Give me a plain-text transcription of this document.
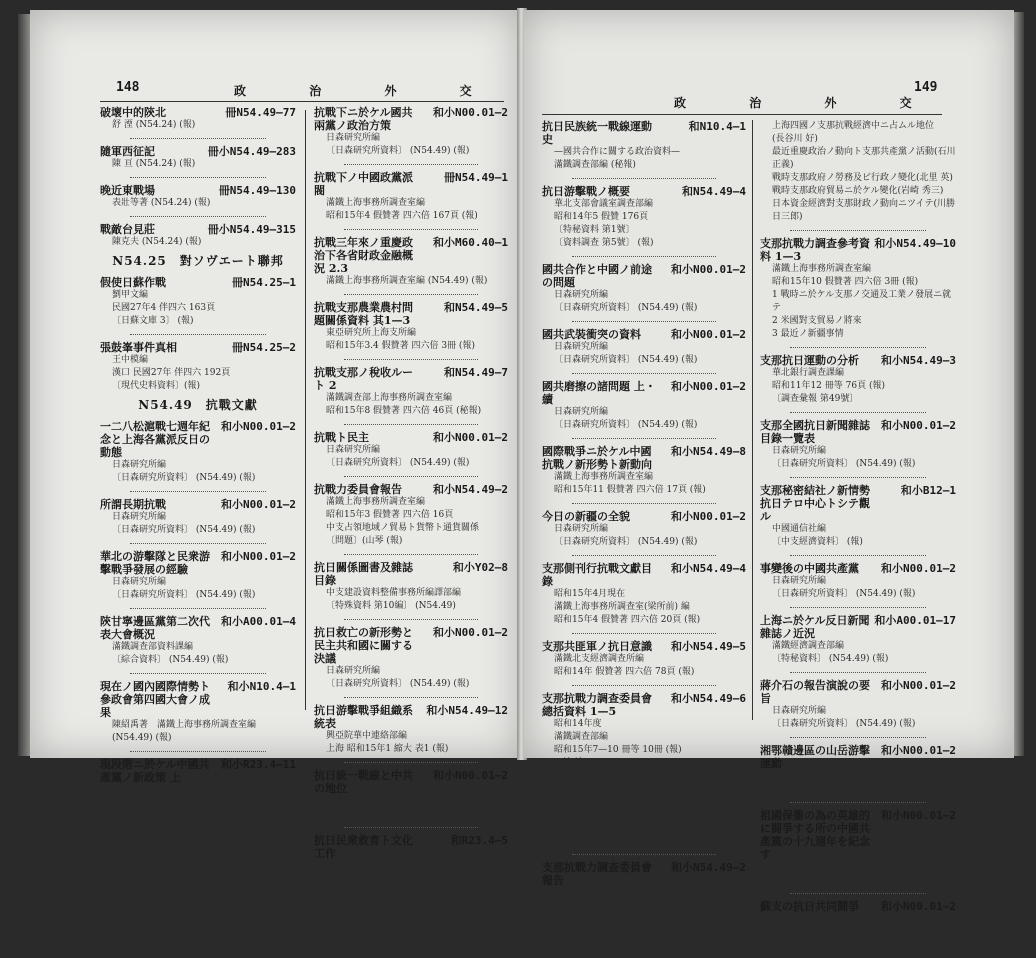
148	政 治 外 交
破壞中的陝北	冊N54.49—77
舒 湮 (N54.24) (報)
隨軍西征記	冊小N54.49—283
陳 亘 (N54.24) (報)
晚近東戰場	冊N54.49—130
表壯等著 (N54.24) (報)
戰敵台見莊	冊小N54.49—315
陳克夫 (N54.24) (報)
N54.25　對ソヴエート聯邦
假使日蘇作戰	冊N54.25—1
劉甲文編
民國27年4 伴四六 163頁
〔日蘇文庫 3〕 (報)
張鼓峯事件真相	冊N54.25—2
王中模編
漢口 民國27年 伴四六 192頁
〔現代史料資料〕(報)
N54.49　抗戰文獻
一二八松滬戰七週年紀念と上海各黨派反日の動態
和小N00.01—2
日森研究所編
〔日森研究所資料〕 (N54.49) (報)
所謂長期抗戰	和小N00.01—2
日森研究所編
〔日森研究所資料〕 (N54.49) (報)
華北の游擊隊と民衆游擊戰爭發展の經驗
和小N00.01—2
日森研究所編
〔日森研究所資料〕 (N54.49) (報)
陝甘寧邊區黨第二次代表大會概況
和小A00.01—4
滿鐵調查部資料課編
〔綜合資料〕 (N54.49) (報)
現在ノ國內國際情勢ト參政會第四國大會ノ成果
和小N10.4—1
陳紹禹著　滿鐵上海事務所調查室編
(N54.49) (報)
現段階ニ於ケル中國共產黨ノ新政策 上
和小R23.4—11
〔福名 抗日救國政策〕
東亞經濟調查局上海支局〔陳紹禹 王明〕編
(N54.49) (報)
抗戰下ニ於ケル國共兩黨ノ政治方策
和小N00.01—2
日森研究所編
〔日森研究所資料〕 (N54.49) (報)
抗戰下ノ中國政黨派閥
冊N54.49—1
滿鐵上海事務所調查室編
昭和15年4 假贊著 四六倍 167頁 (報)
抗戰三年來ノ重慶政治下各省財政金融概況 2.3
和小M60.40—1
滿鐵上海事務所調查室編 (N54.49) (報)
抗戰支那農業農村問題關係資料 其1—3
和N54.49—5
東亞研究所上海支所編
昭和15年3.4 假贊著 四六倍 3冊 (報)
抗戰支那ノ稅收ルート 2
和N54.49—7
滿鐵調查部上海事務所調查室編
昭和15年8 假贊著 四六倍 46頁 (秘報)
抗戰ト民主	和小N00.01—2
日森研究所編
〔日森研究所資料〕 (N54.49) (報)
抗戰力委員會報告	和小N54.49—2
滿鐵上海事務所調查室編
昭和15年3 假贊著 四六倍 16頁
中支占領地域ノ貿易ト貨幣ト通貨關係
〔問題〕(山琴 (報)
抗日關係圖書及雜誌目錄
和小Y02—8
中支建設資料整備事務所編譯部編
〔特殊資料 第10編〕 (N54.49)
抗日救亡の新形勢と民主共和國に關する決議
和小N00.01—2
日森研究所編
〔日森研究所資料〕 (N54.49) (報)
抗日游擊戰爭組織系統表
和小N54.49—12
興亞院華中連絡部編
上海 昭和15年1 縮大 表1 (報)
抗日統一戰線と中共の地位
和小N00.01—2
日森研究所編
〔日森研究所資料〕 (N54.49) (報)
抗日民衆救育ト文化工作
和R23.4—5
滿鐵上海事務所調查室編
〔山西省中部淪陷地方共產地區狀況
調查報告 第3輯〕
(N54.49) (報)
政 治 外 交
149
抗日民族統一戰線運動史
和N10.4—1
—國共合作に關する政治資料—
滿鐵調查部編 (秘報)
抗日游擊戰ノ概要	和N54.49—4
華北支部會議室調查部編
昭和14年5 假贊 176頁
〔特秘資料 第1號〕
〔資料調查 第5號〕 (報)
國共合作と中國ノ前途の問題
和小N00.01—2
日森研究所編
〔日森研究所資料〕 (N54.49) (報)
國共武裝衝突の資料	和小N00.01—2
日森研究所編
〔日森研究所資料〕 (N54.49) (報)
國共磨擦の諸問題 上・續
和小N00.01—2
日森研究所編
〔日森研究所資料〕 (N54.49) (報)
國際戰爭ニ於ケル中國抗戰ノ新形勢ト新動向
和小N54.49—8
滿鐵上海事務所調查室編
昭和15年11 假贊著 四六倍 17頁 (報)
今日の新疆の全貌	和小N00.01—2
日森研究所編
〔日森研究所資料〕 (N54.49) (報)
支那側刊行抗戰文獻目錄
和小N54.49—4
昭和15年4月現在
滿鐵上海事務所調查室(梁所前) 編
昭和15年4 假贊著 四六倍 20頁 (報)
支那共匪軍ノ抗日意識	和小N54.49—5
滿鐵北支經濟調查所編
昭和14年 假贊著 四六倍 78頁 (報)
支那抗戰力調查委員會總括資料 1—5
和小N54.49—6
昭和14年度
滿鐵調查部編
昭和15年7—10 冊等 10冊 (報)
1 總 論
2/1 政治篇 (1)
2/2 政治篇 (2)
3/1—4 戰時經濟政策篇 1—4
4/1 奧地經濟篇 (1)
4/2 奧地經濟篇 (2)
5 外援篇
支那抗戰力調查委員會報告
和小N54.49—2
滿鐵上海事務所調查室編
昭和15—16年 假贊著 四六倍 7冊 (報)
奧地經濟調查ト問ス報告(共山重武)
最近政府ノ列國輸東政策(具島 桑三郎)
支那政治經濟情報(中西 功)
上海四國ノ支那抗戰經濟中ニ占ムル地位
(長谷川 好)
最近重慶政治ノ動向ト支那共產黨ノ活動(石川正義)
戰時支那政府ノ勞務及ビ行政ノ變化(北里 英)
戰時支那政府貿易ニ於ケル變化(岩崎 秀三)
日本資金經濟對支那財政ノ動向ニツイテ(川勝 日三郎)
支那抗戰力調查參考資料 1—3
和小N54.49—10
滿鐵上海事務所調查室編
昭和15年10 假贊著 四六倍 3冊 (報)
1 戰時ニ於ケル支那ノ交通及工業ノ發展ニ就テ
2 米國對支貿易ノ將來
3 最近ノ新疆事情
支那抗日運動の分析	和小N54.49—3
華北銀行調查課編
昭和11年12 冊等 76頁 (報)
〔調查彙報 第49號〕
支那全國抗日新聞雜誌目錄一覽表
和小N00.01—2
日森研究所編
〔日森研究所資料〕 (N54.49) (報)
支那秘密結社ノ新情勢 抗日テロ中心トシテ觀ル
和小B12—1
中國通信社編
〔中支經濟資料〕 (報)
事變後の中國共產黨	和小N00.01—2
日森研究所編
〔日森研究所資料〕 (N54.49) (報)
上海ニ於ケル反日新聞雜誌ノ近況
和小A00.01—17
滿鐵經濟調查部編
〔特秘資料〕 (N54.49) (報)
蔣介石の報告演說の要旨
和小N00.01—2
日森研究所編
〔日森研究所資料〕 (N54.49) (報)
湘鄂贛邊區の山岳游擊運動
和小N00.01—2
日森研究所編
〔日森研究所資料〕 (N54.49) (報)
祖國保衞の為の英雄的に闘爭する所の中國共產黨の十九週年を紀念す
和小N00.01—2
日森研究所編
〔日森研究所資料〕 (N54.49) (報)
蘇支の抗日共同鬪爭	和小N00.01—2
日森研究所編
〔日森研究所資料〕 (N54.49) (報)
